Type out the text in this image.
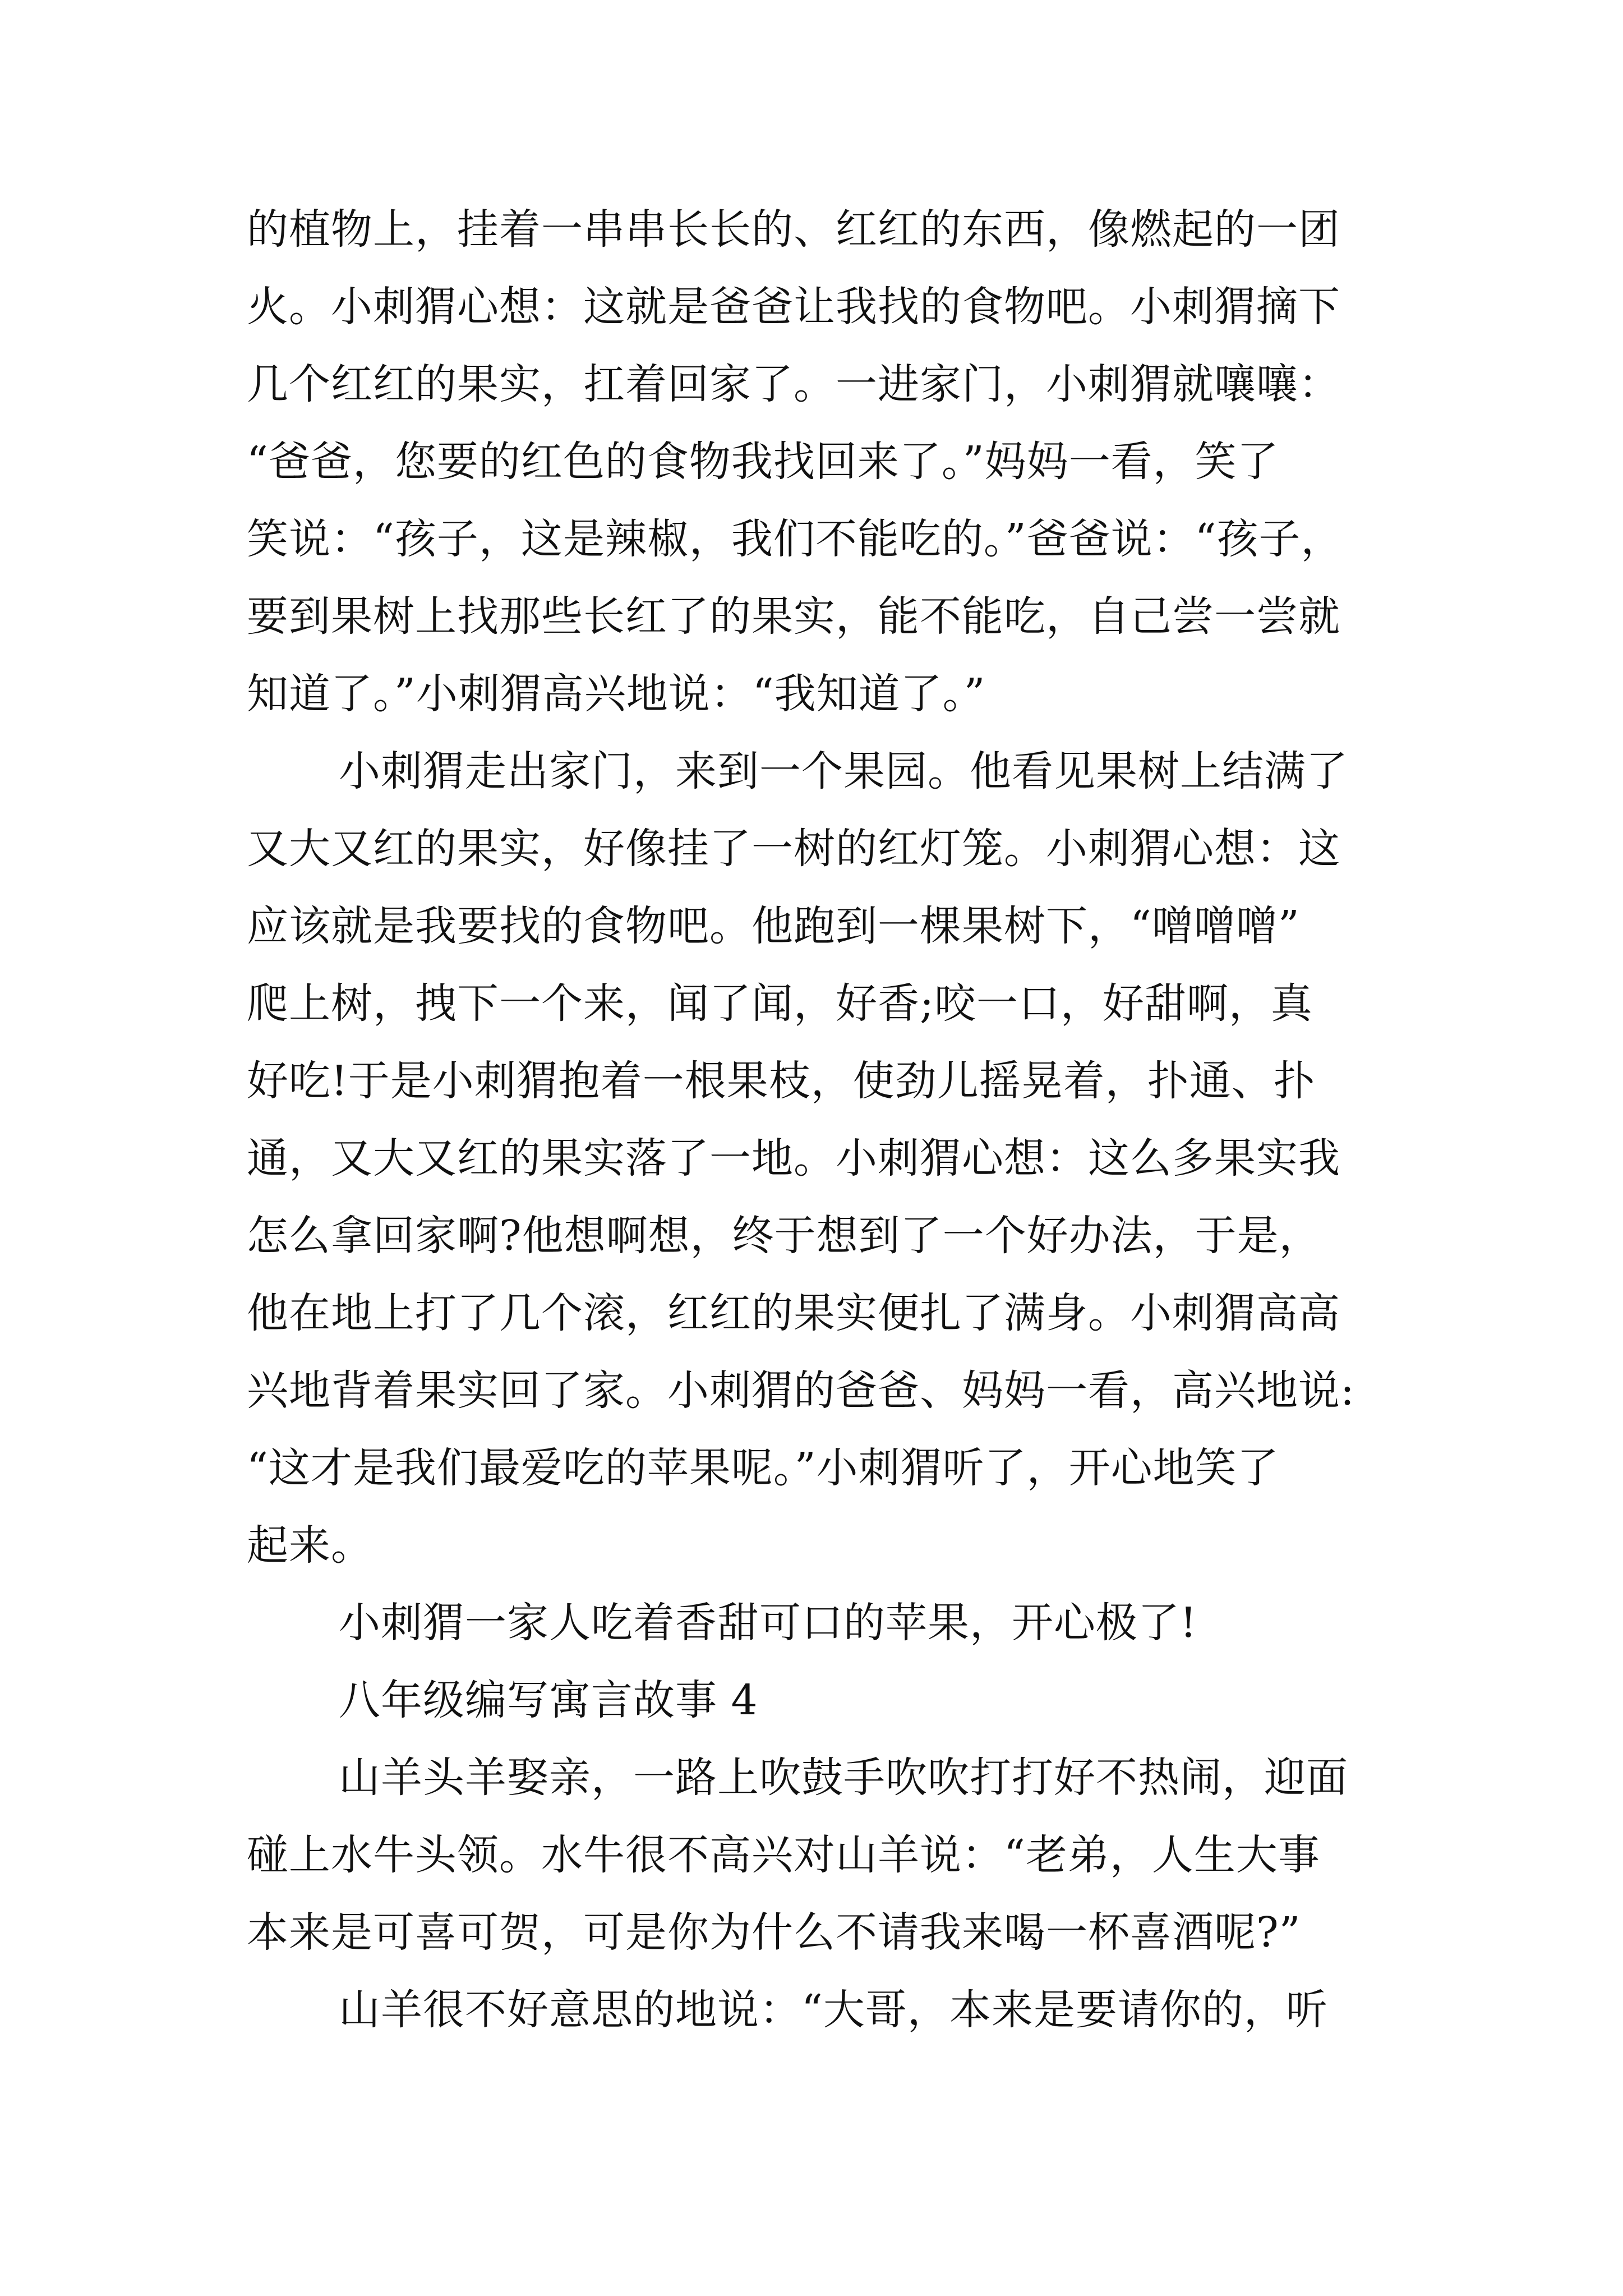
的植物上，挂着一串串长长的、红红的东西，像燃起的一团
火。小刺猬心想：这就是爸爸让我找的食物吧。小刺猬摘下
几个红红的果实，扛着回家了。一进家门，小刺猬就嚷嚷：
“爸爸，您要的红色的食物我找回来了。”妈妈一看，笑了
笑说：“孩子，这是辣椒，我们不能吃的。”爸爸说：“孩子，
要到果树上找那些长红了的果实，能不能吃，自己尝一尝就
知道了。”小刺猬高兴地说：“我知道了。”
小刺猬走出家门，来到一个果园。他看见果树上结满了
又大又红的果实，好像挂了一树的红灯笼。小刺猬心想：这
应该就是我要找的食物吧。他跑到一棵果树下，“噌噌噌”
爬上树，拽下一个来，闻了闻，好香;咬一口，好甜啊，真
好吃!于是小刺猬抱着一根果枝，使劲儿摇晃着，扑通、扑
通，又大又红的果实落了一地。小刺猬心想：这么多果实我
怎么拿回家啊?他想啊想，终于想到了一个好办法，于是，
他在地上打了几个滚，红红的果实便扎了满身。小刺猬高高
兴地背着果实回了家。小刺猬的爸爸、妈妈一看，高兴地说:
“这才是我们最爱吃的苹果呢。”小刺猬听了，开心地笑了
起来。
小刺猬一家人吃着香甜可口的苹果，开心极了!
八年级编写寓言故事 4
山羊头羊娶亲，一路上吹鼓手吹吹打打好不热闹，迎面
碰上水牛头领。水牛很不高兴对山羊说：“老弟，人生大事
本来是可喜可贺，可是你为什么不请我来喝一杯喜酒呢?”
山羊很不好意思的地说：“大哥，本来是要请你的，听
